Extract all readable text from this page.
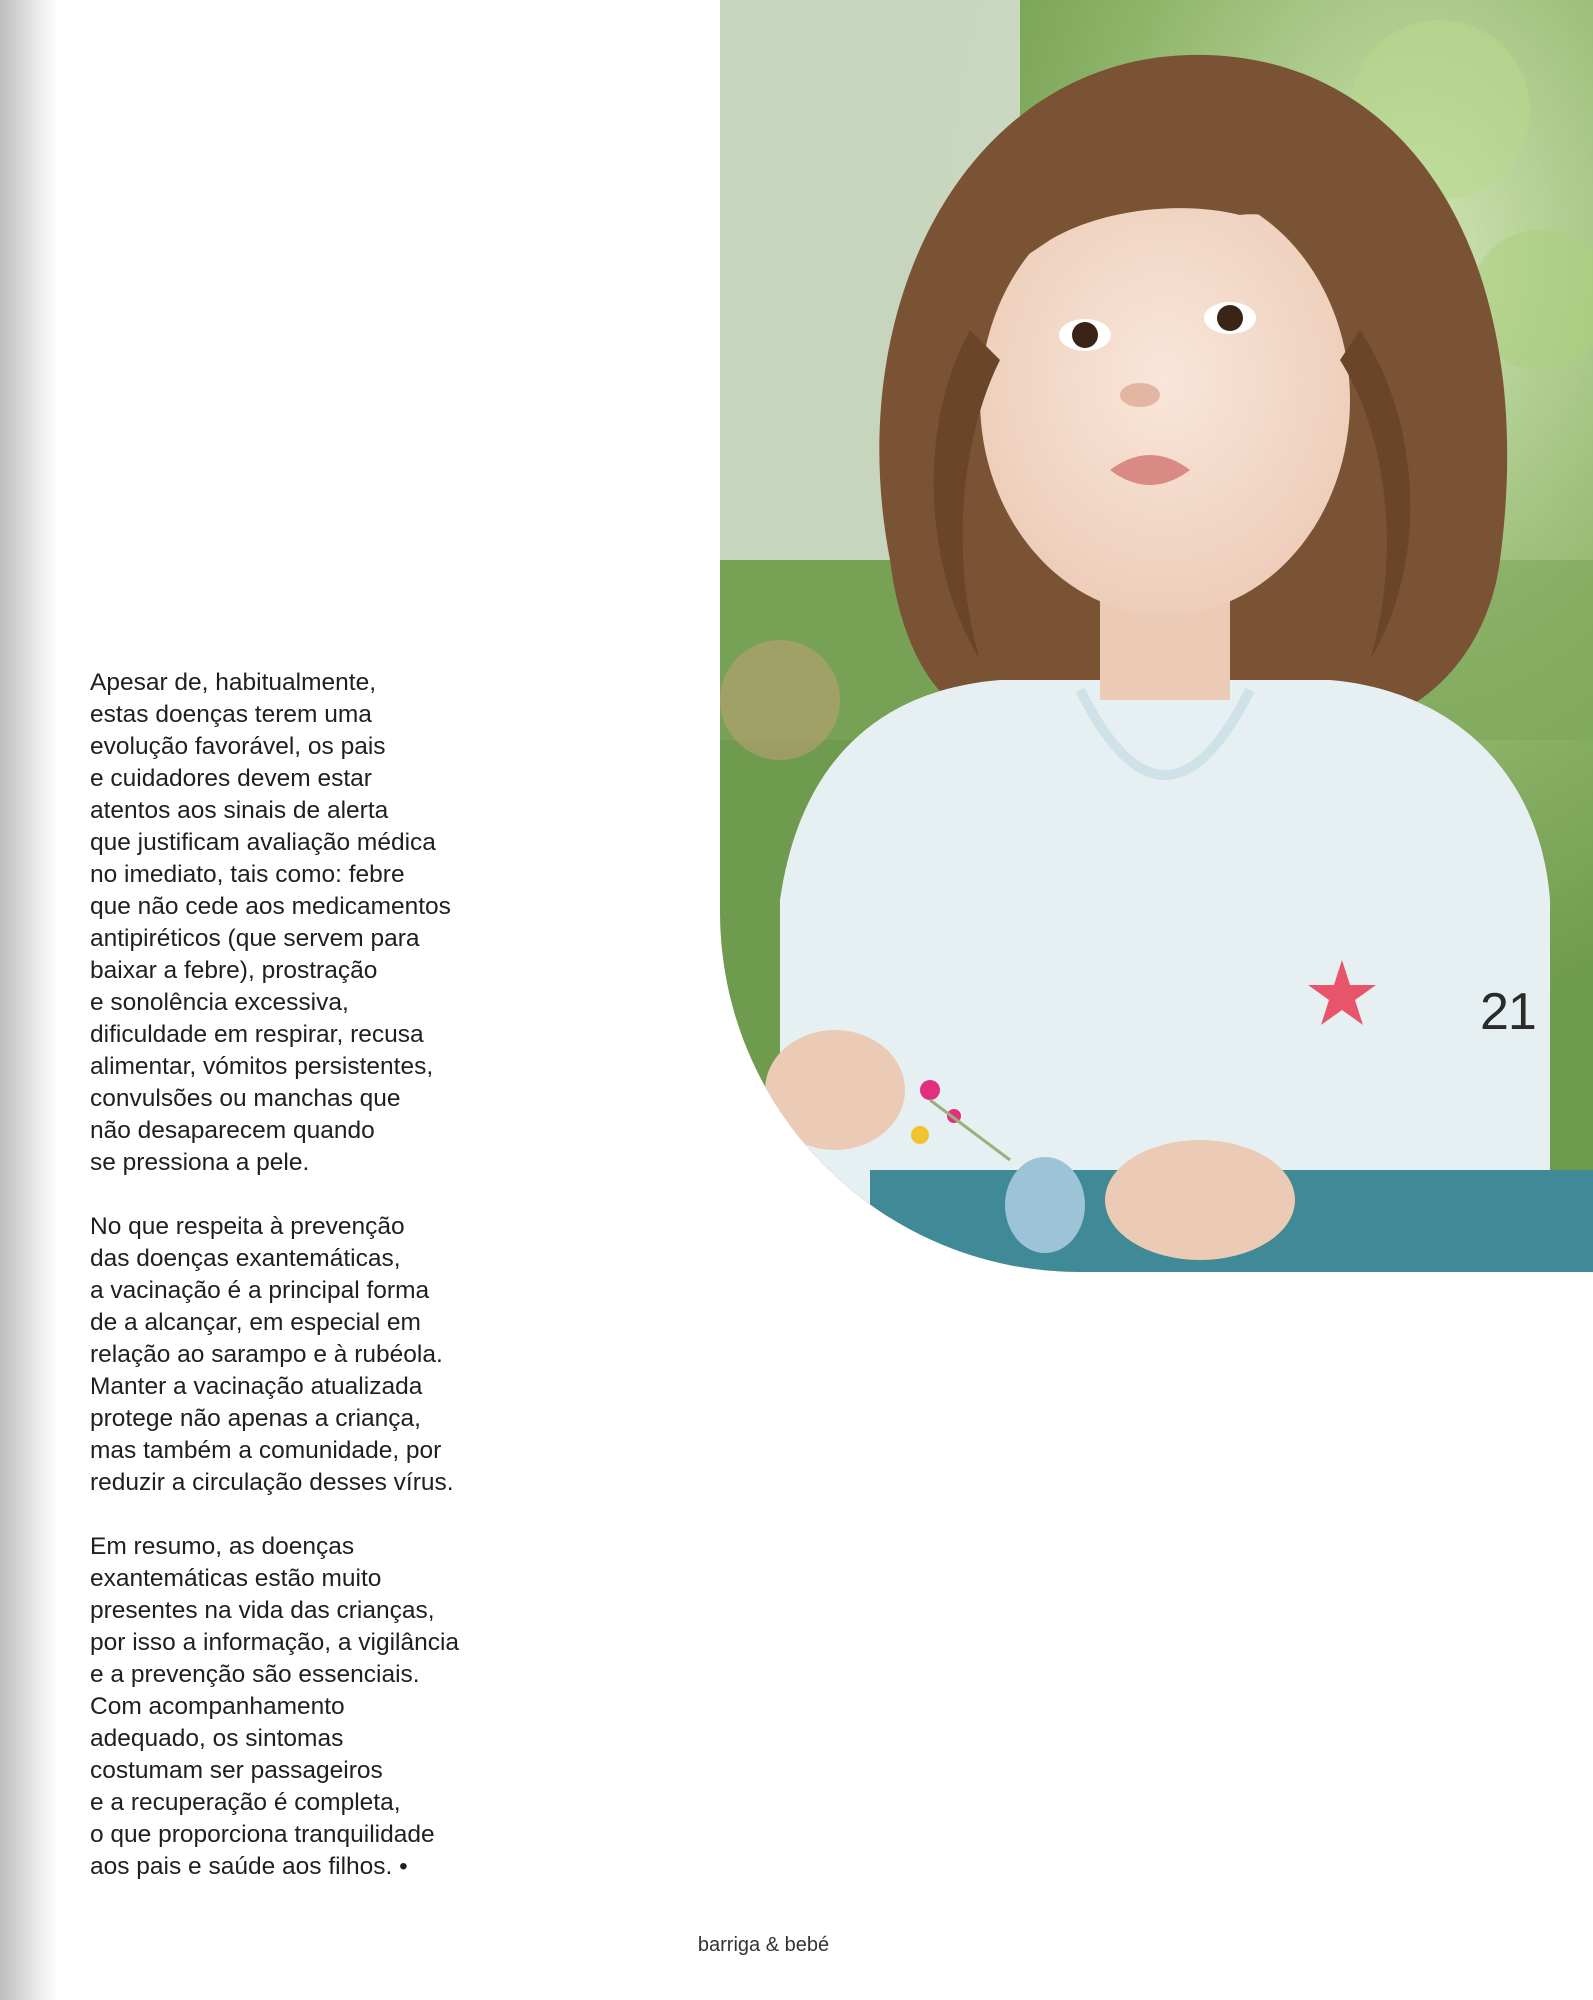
21

Apesar de, habitualmente,
estas doenças terem uma
evolução favorável, os pais
e cuidadores devem estar
atentos aos sinais de alerta
que justificam avaliação médica
no imediato, tais como: febre
que não cede aos medicamentos
antipiréticos (que servem para
baixar a febre), prostração
e sonolência excessiva,
dificuldade em respirar, recusa
alimentar, vómitos persistentes,
convulsões ou manchas que
não desaparecem quando
se pressiona a pele.

No que respeita à prevenção
das doenças exantemáticas,
a vacinação é a principal forma
de a alcançar, em especial em
relação ao sarampo e à rubéola.
Manter a vacinação atualizada
protege não apenas a criança,
mas também a comunidade, por
reduzir a circulação desses vírus.

Em resumo, as doenças
exantemáticas estão muito
presentes na vida das crianças,
por isso a informação, a vigilância
e a prevenção são essenciais.
Com acompanhamento
adequado, os sintomas
costumam ser passageiros
e a recuperação é completa,
o que proporciona tranquilidade
aos pais e saúde aos filhos. •

barriga & bebé
